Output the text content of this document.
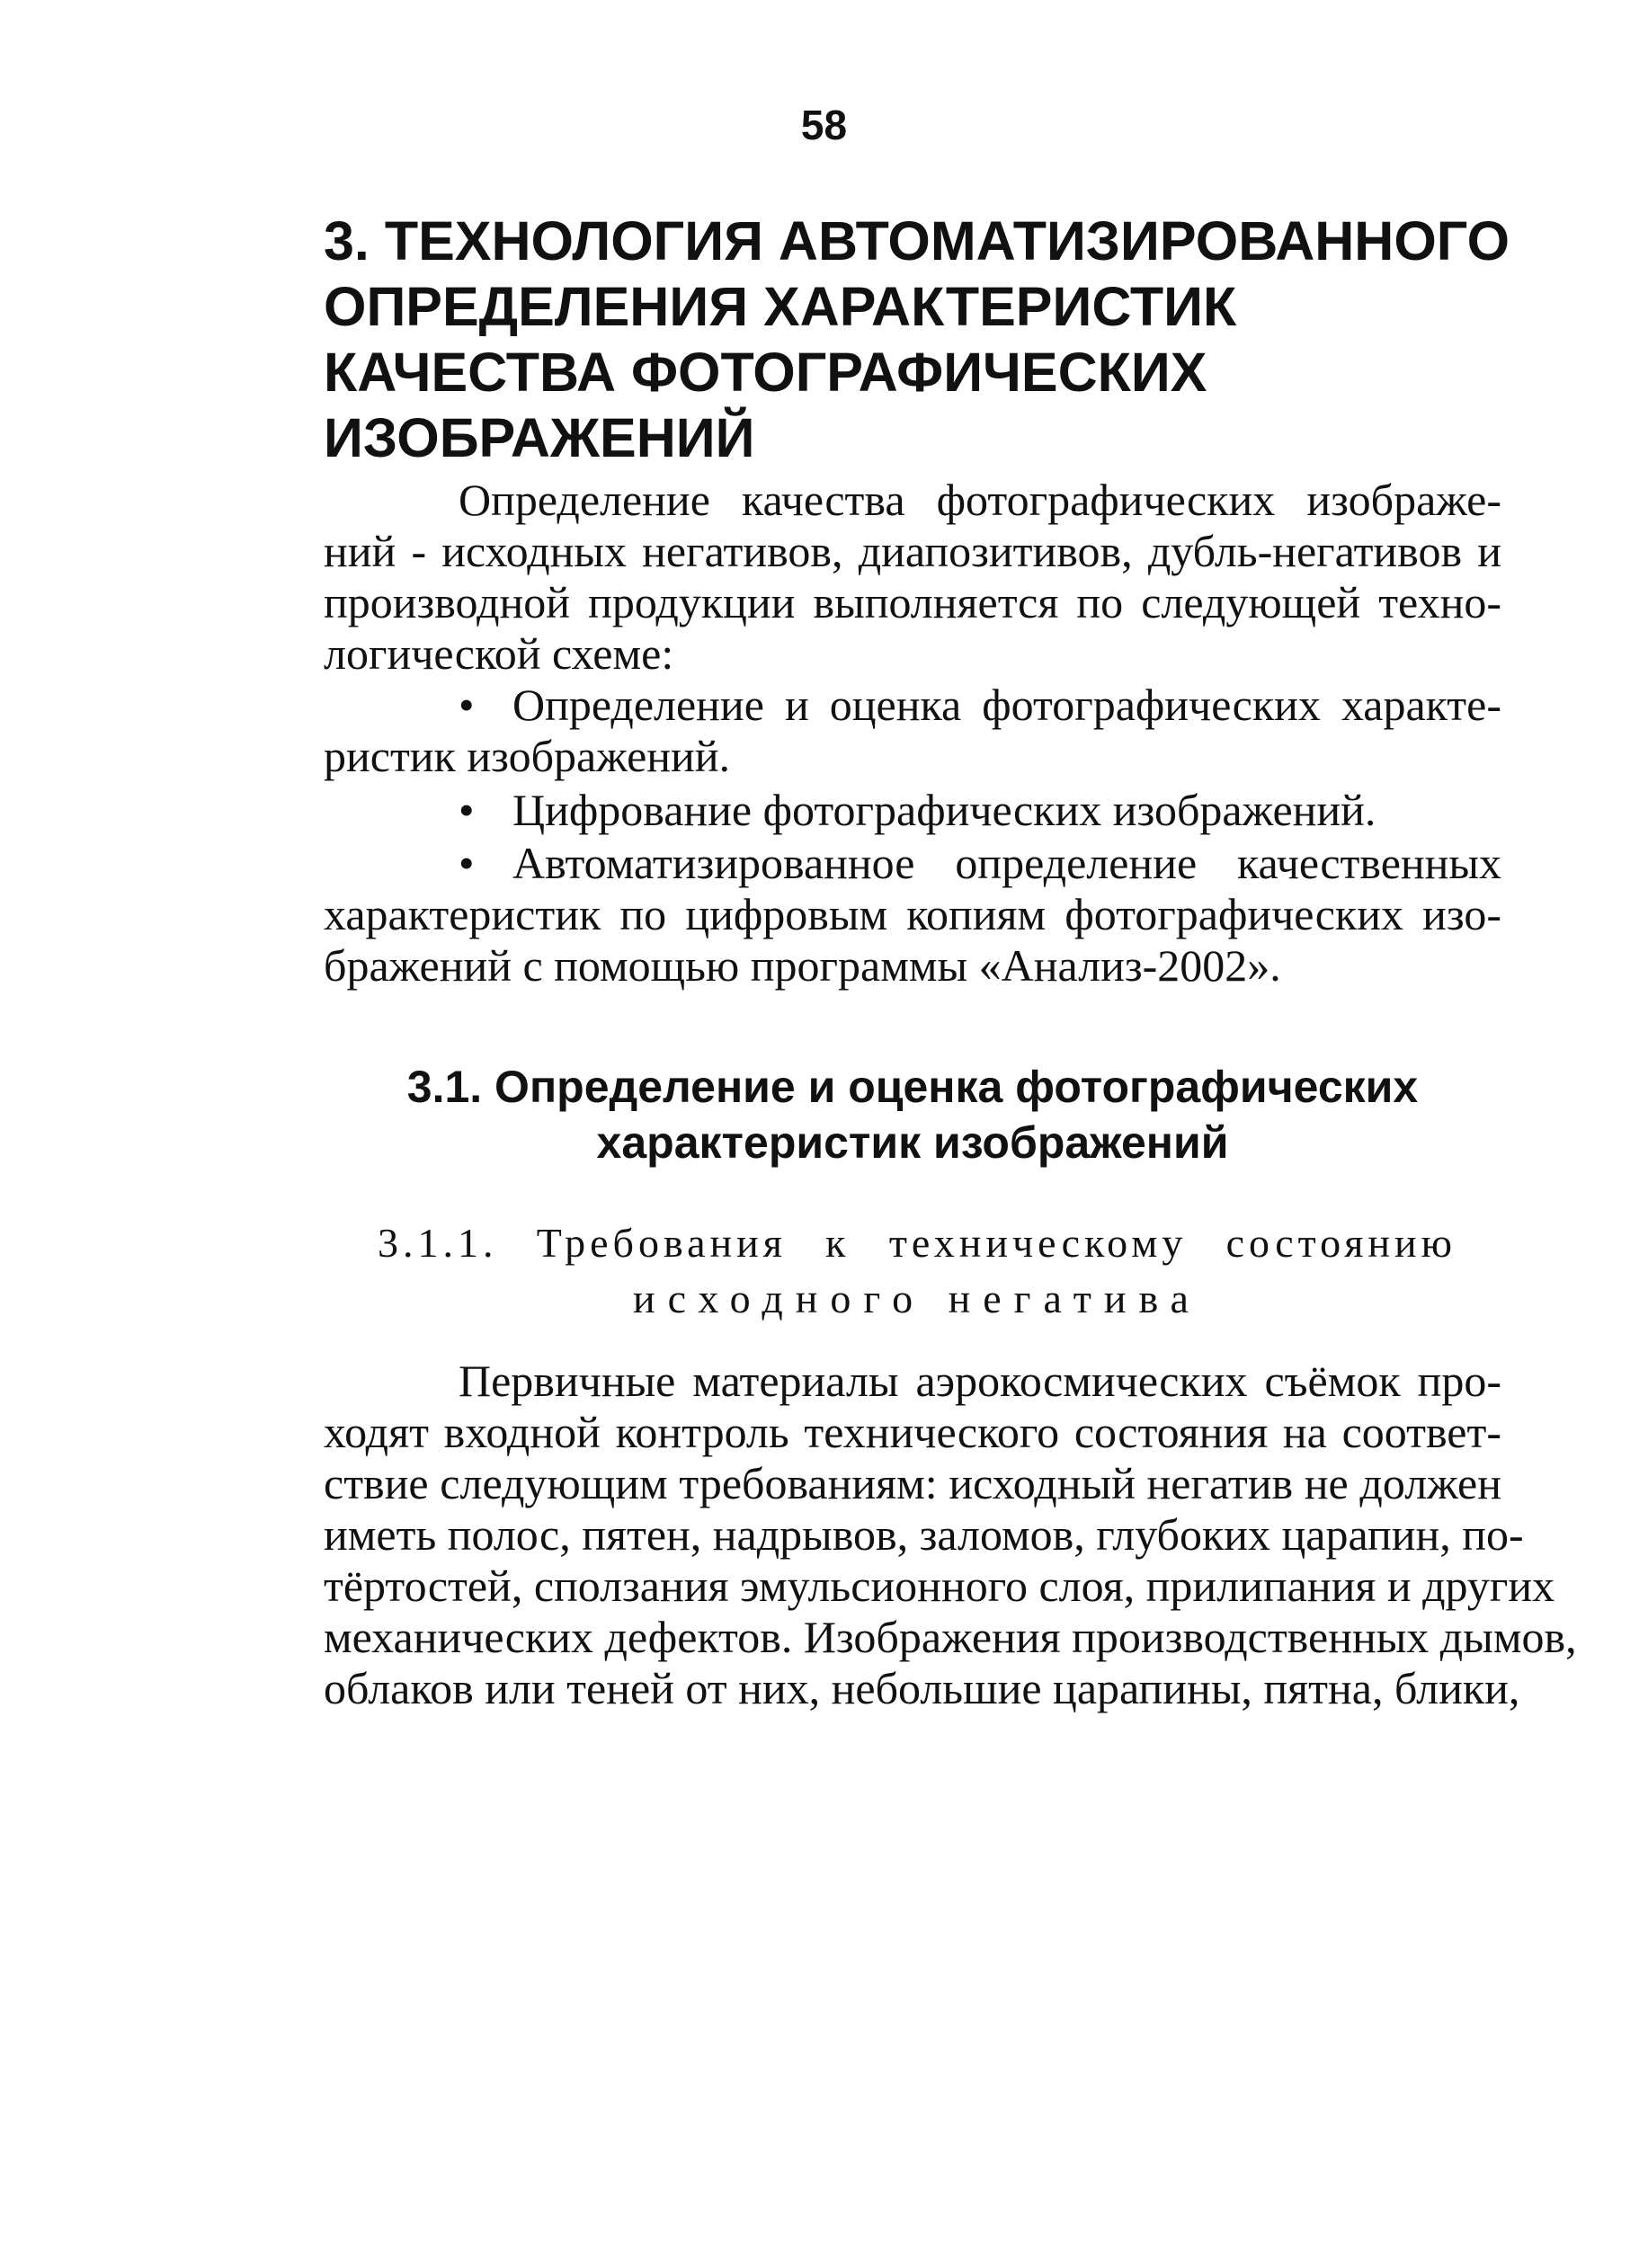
58
3. ТЕХНОЛОГИЯ АВТОМАТИЗИРОВАННОГО
ОПРЕДЕЛЕНИЯ ХАРАКТЕРИСТИК
КАЧЕСТВА ФОТОГРАФИЧЕСКИХ
ИЗОБРАЖЕНИЙ
Определение качества фотографических изображе-
ний - исходных негативов, диапозитивов, дубль-негативов и
производной продукции выполняется по следующей техно-
логической схеме:
• Определение и оценка фотографических характе-
ристик изображений.
• Цифрование фотографических изображений.
• Автоматизированное определение качественных
характеристик по цифровым копиям фотографических изо-
бражений с помощью программы «Анализ-2002».
3.1. Определение и оценка фотографических
характеристик изображений
3.1.1. Требования к техническому состоянию
исходного негатива
Первичные материалы аэрокосмических съёмок про-
ходят входной контроль технического состояния на соответ-
ствие следующим требованиям: исходный негатив не должен
иметь полос, пятен, надрывов, заломов, глубоких царапин, по-
тёртостей, сползания эмульсионного слоя, прилипания и других
механических дефектов. Изображения производственных дымов,
облаков или теней от них, небольшие царапины, пятна, блики,
